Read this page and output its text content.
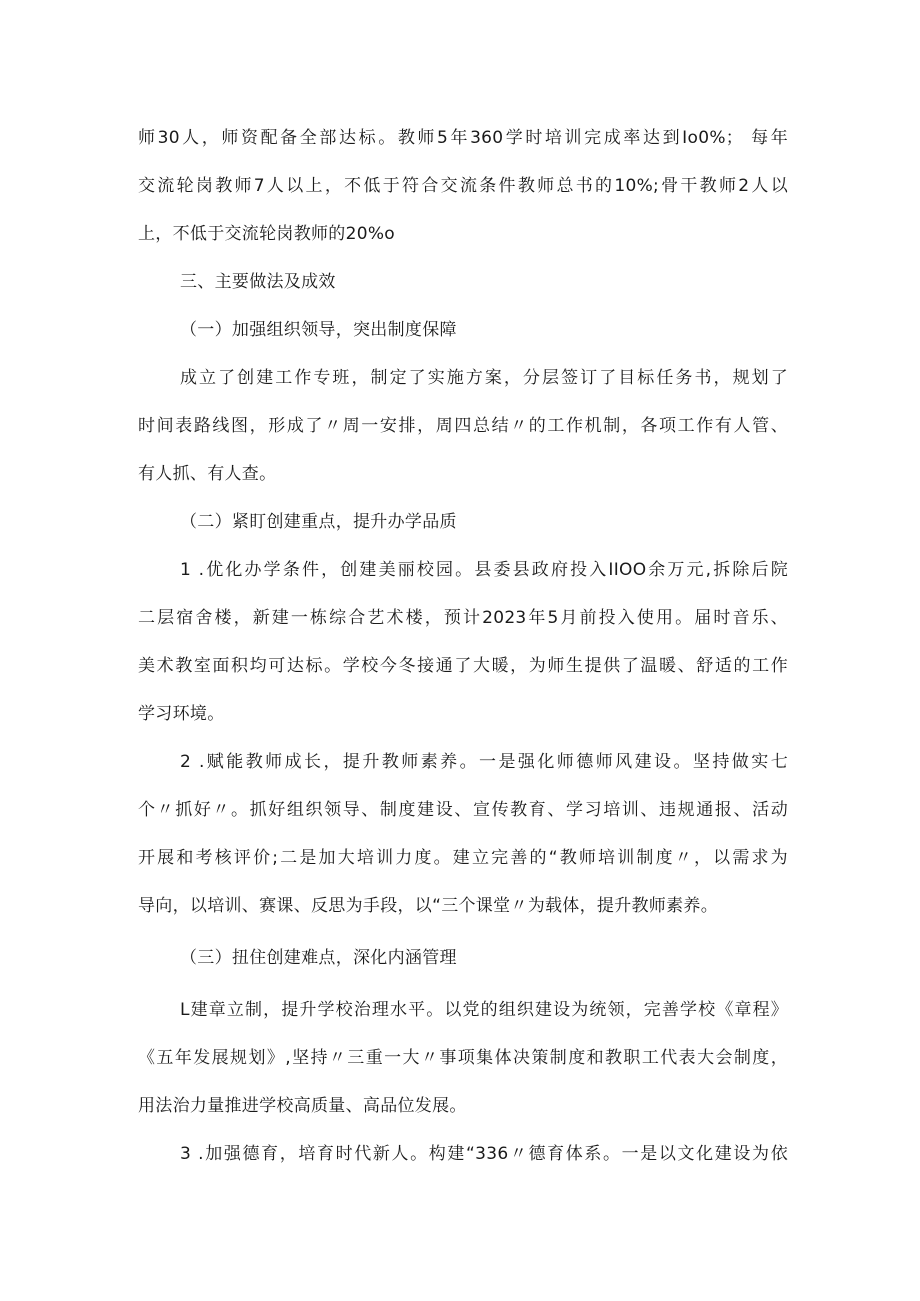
师30人，师资配备全部达标。教师5年360学时培训完成率达到Io0%； 每年
交流轮岗教师7人以上，不低于符合交流条件教师总书的10%;骨干教师2人以
上，不低于交流轮岗教师的20%o
三、主要做法及成效
（一）加强组织领导，突出制度保障
成立了创建工作专班，制定了实施方案，分层签订了目标任务书，规划了
时间表路线图，形成了〃周一安排，周四总结〃的工作机制，各项工作有人管、
有人抓、有人查。
（二）紧盯创建重点，提升办学品质
1 .优化办学条件，创建美丽校园。县委县政府投入IIOO余万元,拆除后院
二层宿舍楼，新建一栋综合艺术楼，预计2023年5月前投入使用。届时音乐、
美术教室面积均可达标。学校今冬接通了大暖，为师生提供了温暖、舒适的工作
学习环境。
2 .赋能教师成长，提升教师素养。一是强化师德师风建设。坚持做实七
个〃抓好〃。抓好组织领导、制度建设、宣传教育、学习培训、违规通报、活动
开展和考核评价;二是加大培训力度。建立完善的“教师培训制度〃，以需求为
导向，以培训、赛课、反思为手段，以“三个课堂〃为载体，提升教师素养。
（三）扭住创建难点，深化内涵管理
L建章立制，提升学校治理水平。以党的组织建设为统领，完善学校《章程》
《五年发展规划》,坚持〃三重一大〃事项集体决策制度和教职工代表大会制度，
用法治力量推进学校高质量、高品位发展。
3 .加强德育，培育时代新人。构建“336〃德育体系。一是以文化建设为依
